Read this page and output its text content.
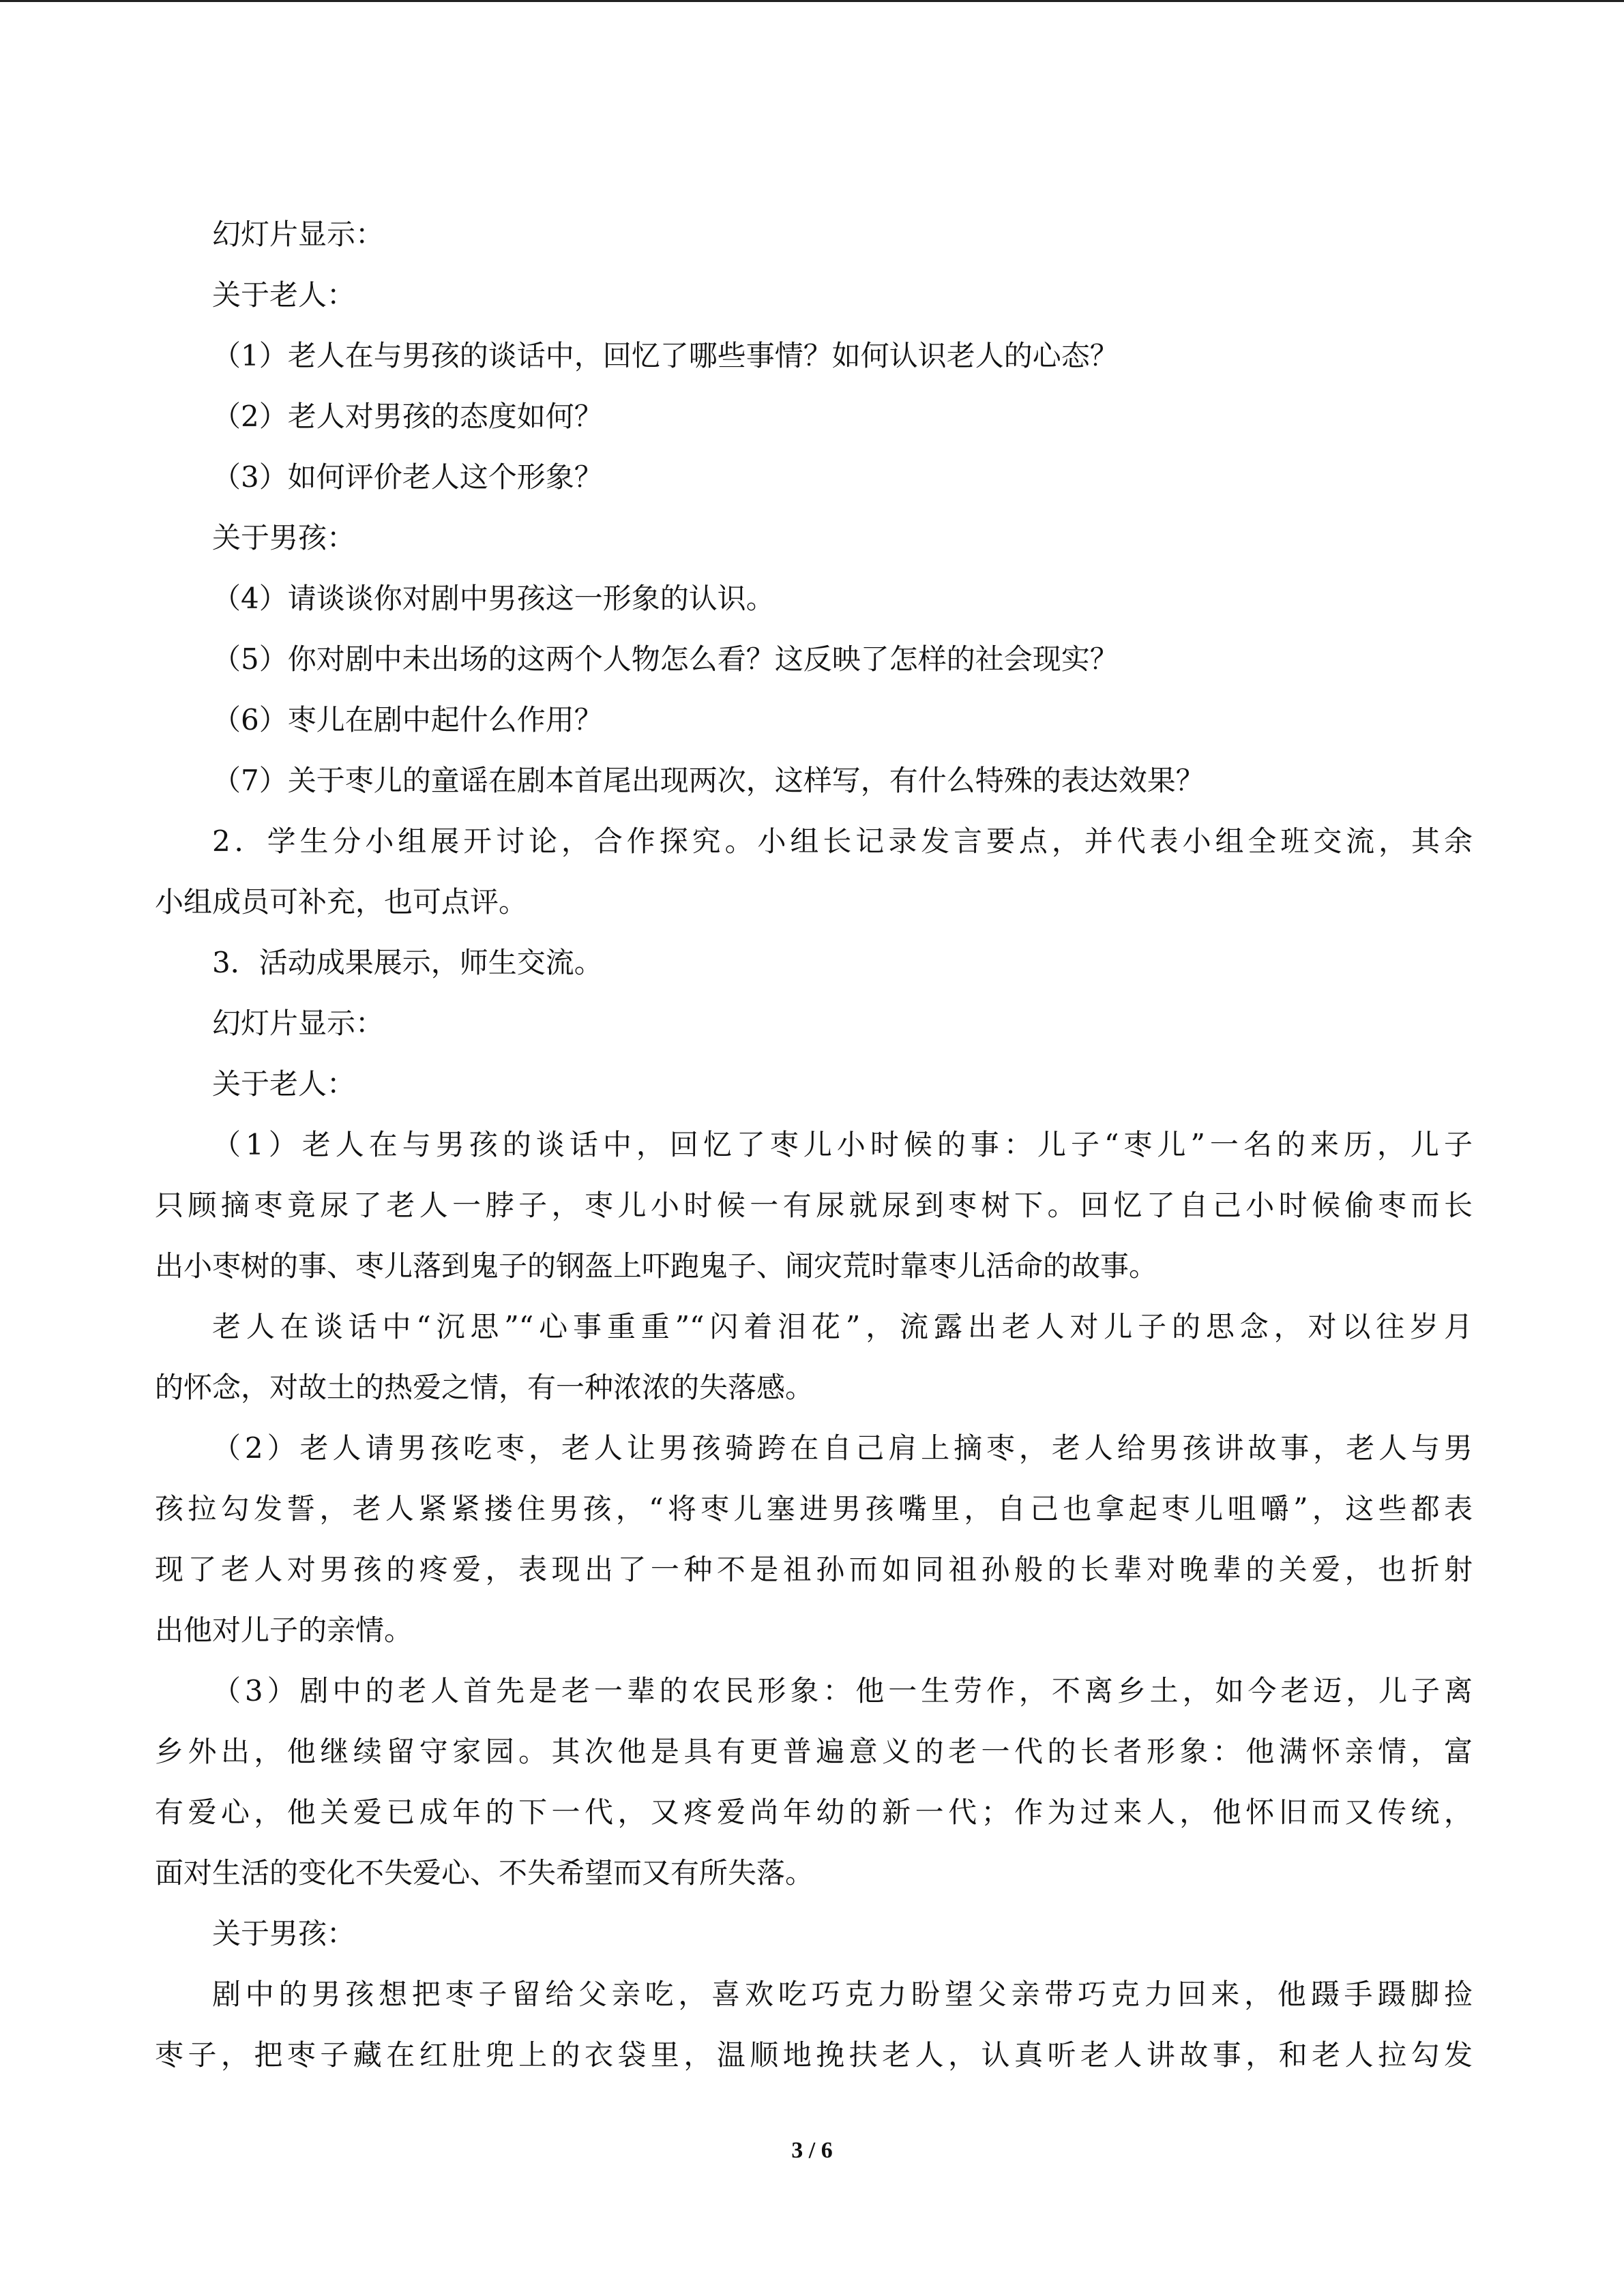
幻灯片显示：
关于老人：
（1）老人在与男孩的谈话中，回忆了哪些事情？如何认识老人的心态？
（2）老人对男孩的态度如何？
（3）如何评价老人这个形象？
关于男孩：
（4）请谈谈你对剧中男孩这一形象的认识。
（5）你对剧中未出场的这两个人物怎么看？这反映了怎样的社会现实？
（6）枣儿在剧中起什么作用？
（7）关于枣儿的童谣在剧本首尾出现两次，这样写，有什么特殊的表达效果？
2．学生分小组展开讨论，合作探究。小组长记录发言要点，并代表小组全班交流，其余
小组成员可补充，也可点评。
3．活动成果展示，师生交流。
幻灯片显示：
关于老人：
（1）老人在与男孩的谈话中，回忆了枣儿小时候的事：儿子“枣儿”一名的来历，儿子
只顾摘枣竟尿了老人一脖子，枣儿小时候一有尿就尿到枣树下。回忆了自己小时候偷枣而长
出小枣树的事、枣儿落到鬼子的钢盔上吓跑鬼子、闹灾荒时靠枣儿活命的故事。
老人在谈话中“沉思”“心事重重”“闪着泪花”，流露出老人对儿子的思念，对以往岁月
的怀念，对故土的热爱之情，有一种浓浓的失落感。
（2）老人请男孩吃枣，老人让男孩骑跨在自己肩上摘枣，老人给男孩讲故事，老人与男
孩拉勾发誓，老人紧紧搂住男孩，“将枣儿塞进男孩嘴里，自己也拿起枣儿咀嚼”，这些都表
现了老人对男孩的疼爱，表现出了一种不是祖孙而如同祖孙般的长辈对晚辈的关爱，也折射
出他对儿子的亲情。
（3）剧中的老人首先是老一辈的农民形象：他一生劳作，不离乡土，如今老迈，儿子离
乡外出，他继续留守家园。其次他是具有更普遍意义的老一代的长者形象：他满怀亲情，富
有爱心，他关爱已成年的下一代，又疼爱尚年幼的新一代；作为过来人，他怀旧而又传统，
面对生活的变化不失爱心、不失希望而又有所失落。
关于男孩：
剧中的男孩想把枣子留给父亲吃，喜欢吃巧克力盼望父亲带巧克力回来，他蹑手蹑脚捡
枣子，把枣子藏在红肚兜上的衣袋里，温顺地挽扶老人，认真听老人讲故事，和老人拉勾发
3 / 6
